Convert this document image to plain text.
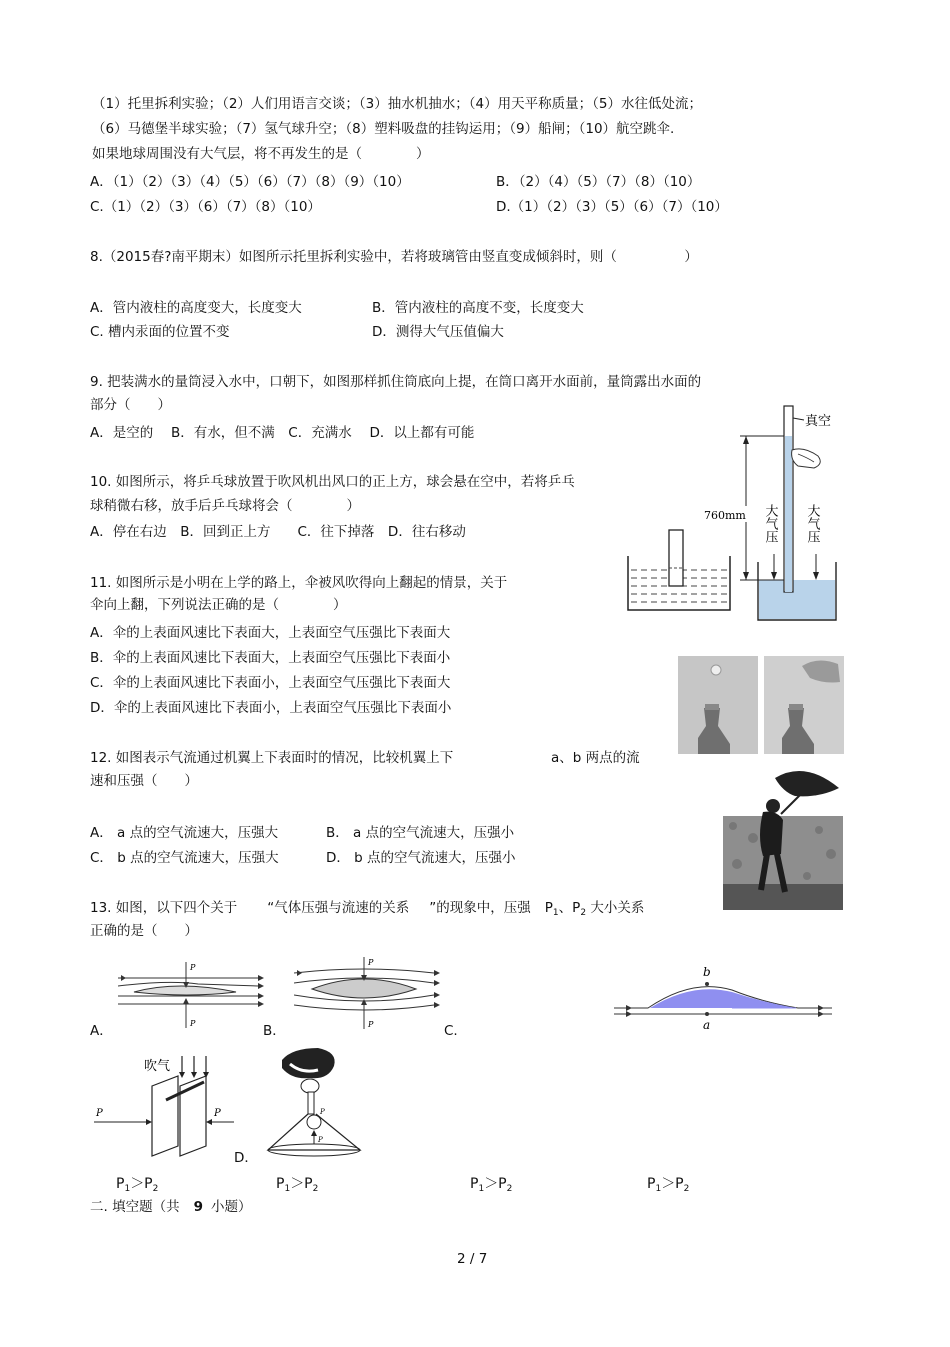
（1）托里拆利实验；（2）人们用语言交谈；（3）抽水机抽水；（4）用天平称质量；（5）水往低处流；
（6）马德堡半球实验；（7）氢气球升空；（8）塑料吸盘的挂钩运用；（9）船闸；（10）航空跳伞.
如果地球周围没有大气层，将不再发生的是（　　　　）
A．（1）（2）（3）（4）（5）（6）（7）（8）（9）（10）	B．（2）（4）（5）（7）（8）（10）
C.（1）（2）（3）（6）（7）（8）（10）	D.（1）（2）（3）（5）（6）（7）（10）
8.（2015春?南平期末）如图所示托里拆利实验中，若将玻璃管由竖直变成倾斜时，则（　　　　　）
A．管内液柱的高度变大，长度变大	B．管内液柱的高度不变，长度变大
C. 槽内汞面的位置不变	D．测得大气压值偏大
9. 把装满水的量筒浸入水中，口朝下，如图那样抓住筒底向上提，在筒口离开水面前，量筒露出水面的
部分（　　）
A．是空的　 B．有水，但不满　C．充满水　 D．以上都有可能
10. 如图所示，将乒乓球放置于吹风机出风口的正上方，球会悬在空中，若将乒乓
球稍微右移，放手后乒乓球将会（　　　　）
A．停在右边　B．回到正上方　　C．往下掉落　D．往右移动
11. 如图所示是小明在上学的路上，伞被风吹得向上翻起的情景，关于
伞向上翻，下列说法正确的是（　　　　）
A．伞的上表面风速比下表面大，上表面空气压强比下表面大
B．伞的上表面风速比下表面大，上表面空气压强比下表面小
C．伞的上表面风速比下表面小，上表面空气压强比下表面大
D．伞的上表面风速比下表面小，上表面空气压强比下表面小
12. 如图表示气流通过机翼上下表面时的情况，比较机翼上下	a、b 两点的流
速和压强（　　）
A． a 点的空气流速大，压强大	B． a 点的空气流速大，压强小
C． b 点的空气流速大，压强大	D． b 点的空气流速大，压强小
13. 如图，以下四个关于 “气体压强与流速的关系 ”的现象中，压强 $P_1$、$P_2$ 大小关系
正确的是（　　）
A．	B．	C.
D．
$P_1>P_2$	$P_1>P_2$	$P_1>P_2$	$P_1>P_2$
二. 填空题（共 9 小题）
2 / 7
真空
760mm 大气压 大气压
b
a
P
P
P
P
吹气
P	P	P
P
